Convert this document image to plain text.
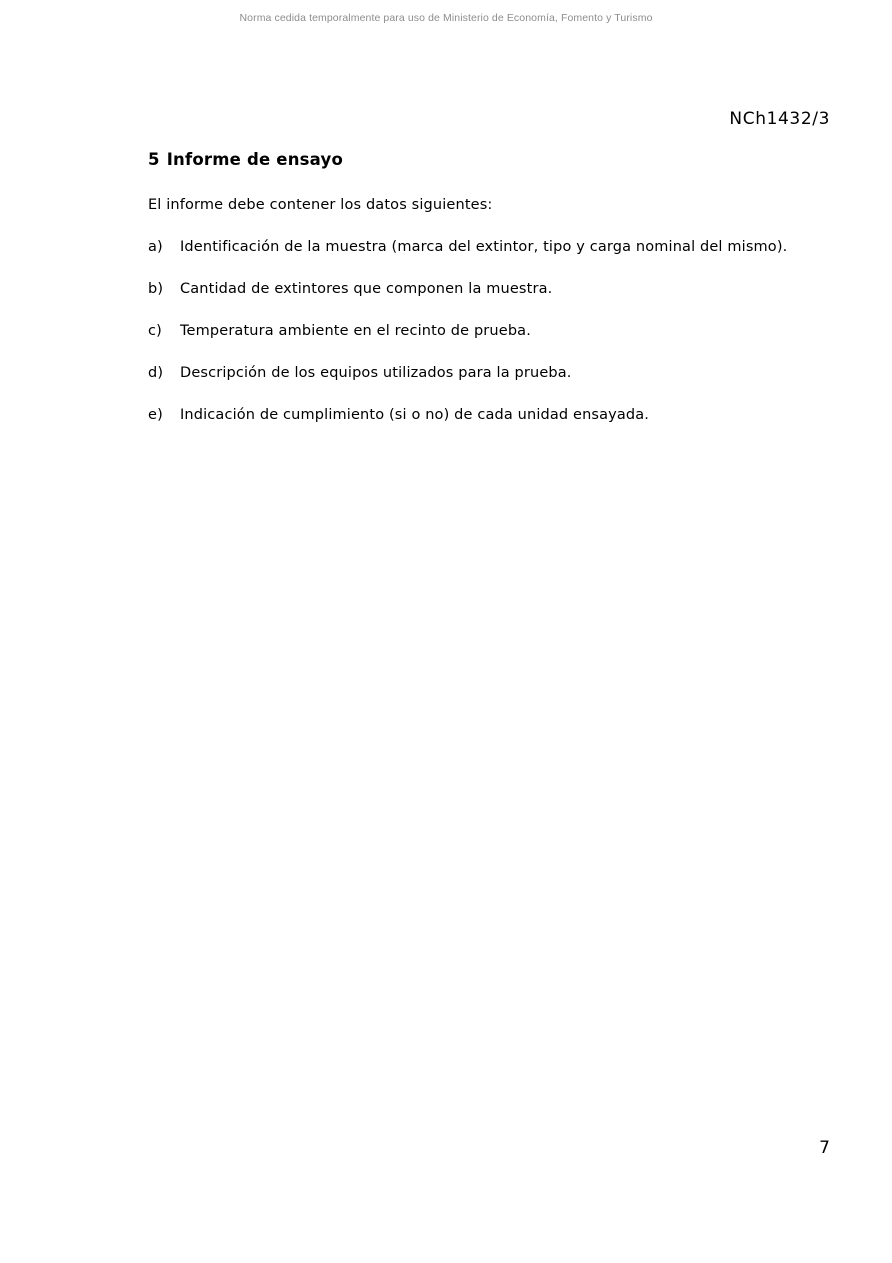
Norma cedida temporalmente para uso de Ministerio de Economía, Fomento y Turismo
NCh1432/3
5 Informe de ensayo

El informe debe contener los datos siguientes:

a)	Identificación de la muestra (marca del extintor, tipo y carga nominal del mismo).
b)	Cantidad de extintores que componen la muestra.
c)	Temperatura ambiente en el recinto de prueba.
d)	Descripción de los equipos utilizados para la prueba.
e)	Indicación de cumplimiento (si o no) de cada unidad ensayada.
7
